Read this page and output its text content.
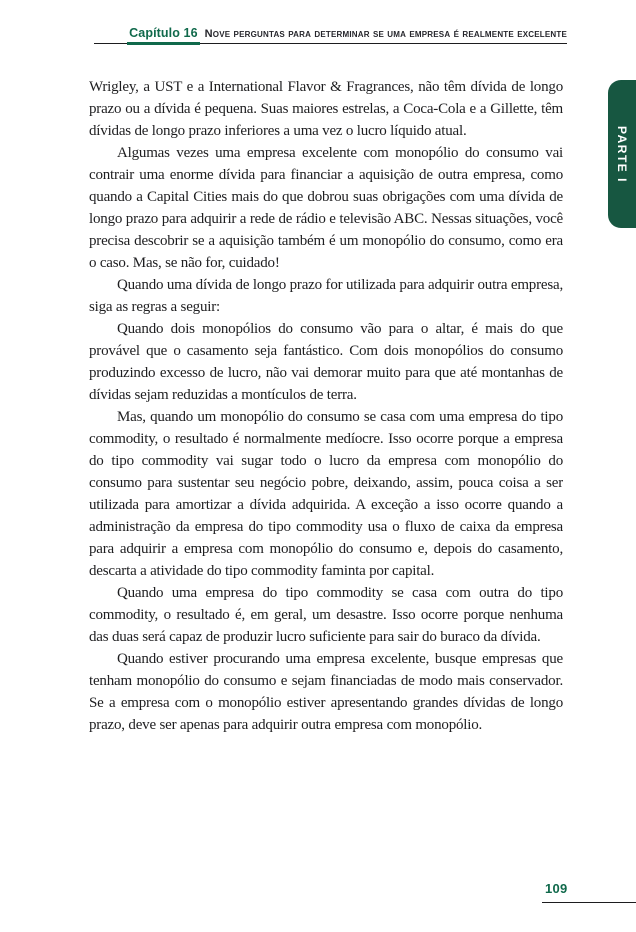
Capítulo 16 Nove perguntas para determinar se uma empresa é realmente excelente
PARTE I

Wrigley, a UST e a International Flavor & Fragrances, não têm dívida de longo prazo ou a dívida é pequena. Suas maiores estrelas, a Coca-Cola e a Gillette, têm dívidas de longo prazo inferiores a uma vez o lucro líquido atual.

Algumas vezes uma empresa excelente com monopólio do consumo vai contrair uma enorme dívida para financiar a aquisição de outra empresa, como quando a Capital Cities mais do que dobrou suas obrigações com uma dívida de longo prazo para adquirir a rede de rádio e televisão ABC. Nessas situações, você precisa descobrir se a aquisição também é um monopólio do consumo, como era o caso. Mas, se não for, cuidado!

Quando uma dívida de longo prazo for utilizada para adquirir outra empresa, siga as regras a seguir:

Quando dois monopólios do consumo vão para o altar, é mais do que provável que o casamento seja fantástico. Com dois monopólios do consumo produzindo excesso de lucro, não vai demorar muito para que até montanhas de dívidas sejam reduzidas a montículos de terra.

Mas, quando um monopólio do consumo se casa com uma empresa do tipo commodity, o resultado é normalmente medíocre. Isso ocorre porque a empresa do tipo commodity vai sugar todo o lucro da empresa com monopólio do consumo para sustentar seu negócio pobre, deixando, assim, pouca coisa a ser utilizada para amortizar a dívida adquirida. A exceção a isso ocorre quando a administração da empresa do tipo commodity usa o fluxo de caixa da empresa para adquirir a empresa com monopólio do consumo e, depois do casamento, descarta a atividade do tipo commodity faminta por capital.

Quando uma empresa do tipo commodity se casa com outra do tipo commodity, o resultado é, em geral, um desastre. Isso ocorre porque nenhuma das duas será capaz de produzir lucro suficiente para sair do buraco da dívida.

Quando estiver procurando uma empresa excelente, busque empresas que tenham monopólio do consumo e sejam financiadas de modo mais conservador. Se a empresa com o monopólio estiver apresentando grandes dívidas de longo prazo, deve ser apenas para adquirir outra empresa com monopólio.

109
